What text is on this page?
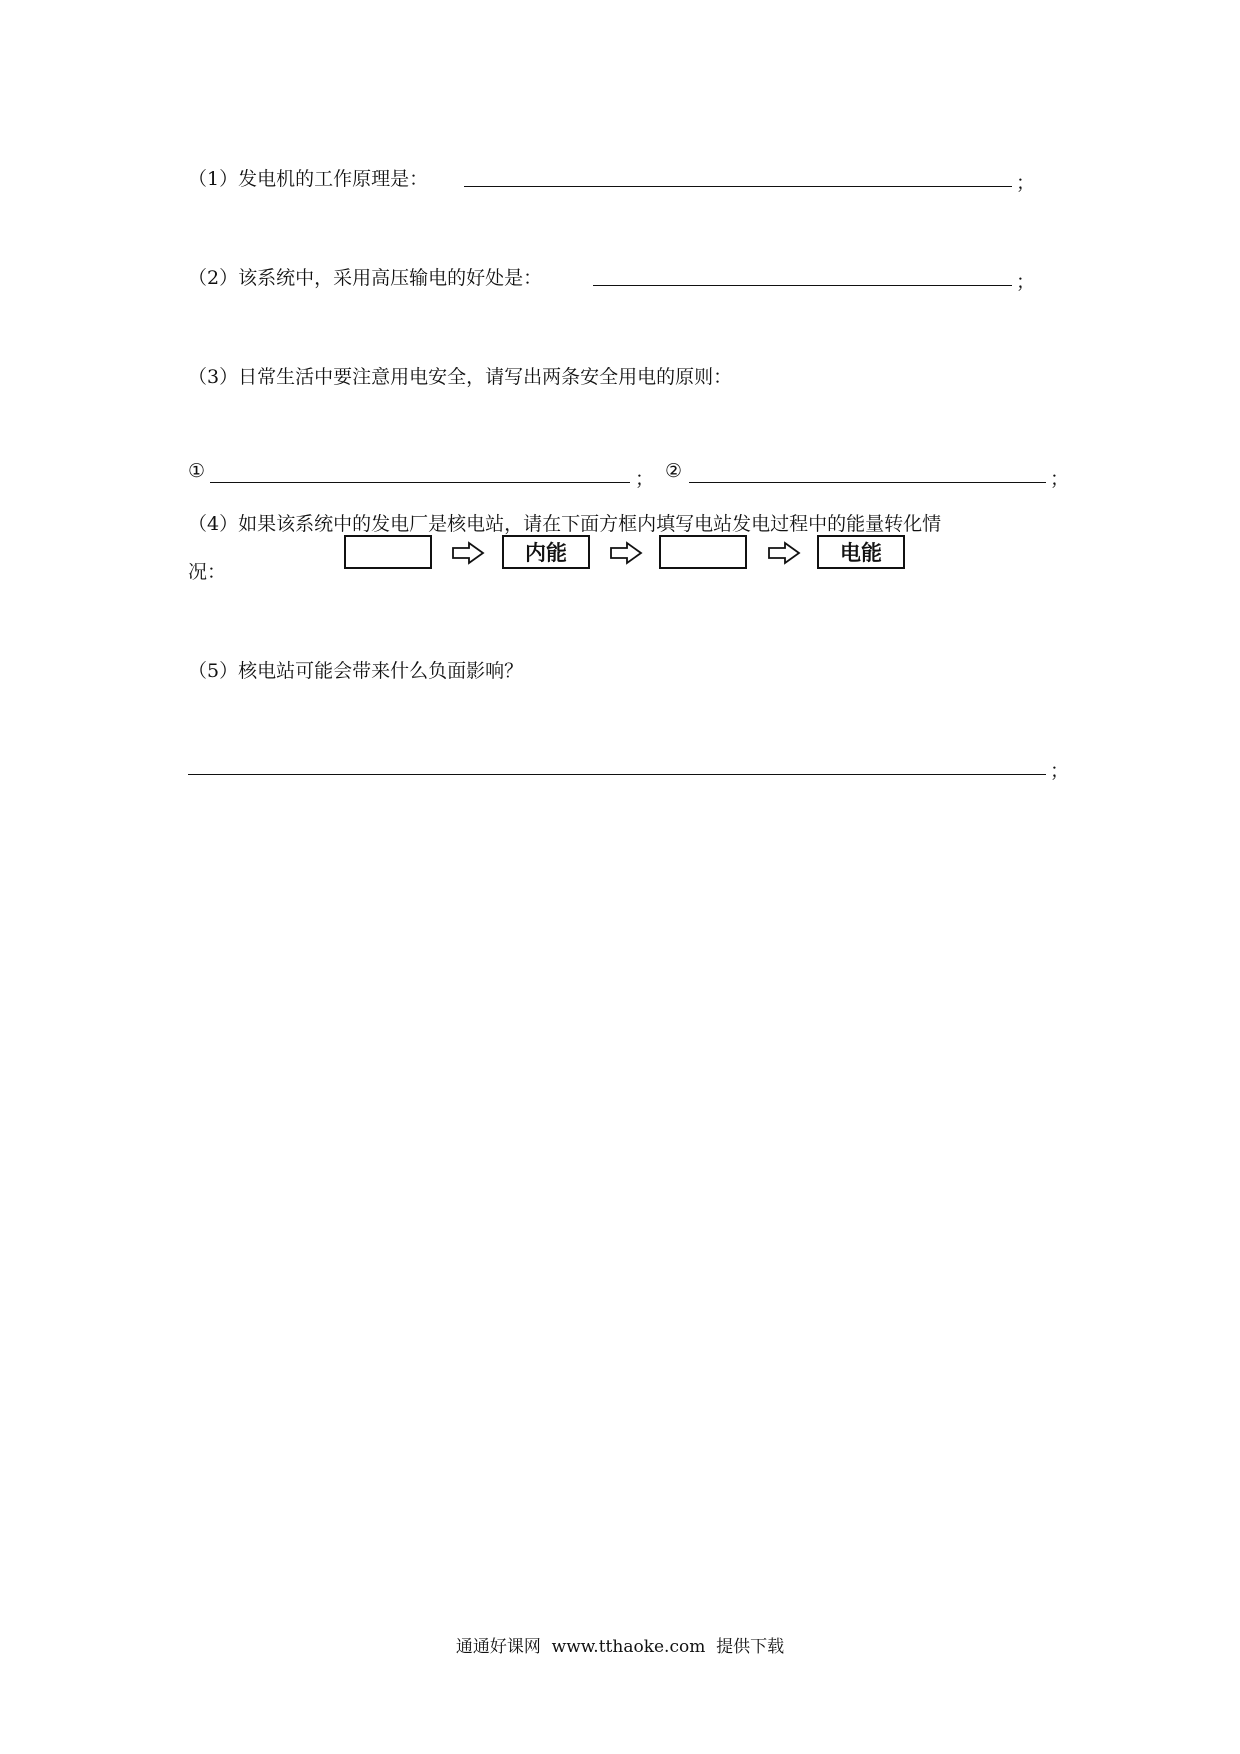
（1）发电机的工作原理是：	；
（2）该系统中，采用高压输电的好处是：	；
（3）日常生活中要注意用电安全，请写出两条安全用电的原则：
①	； ②	；
（4）如果该系统中的发电厂是核电站，请在下面方框内填写电站发电过程中的能量转化情
况：
内能	电能
（5）核电站可能会带来什么负面影响？
；
通通好课网  www.tthaoke.com  提供下载
